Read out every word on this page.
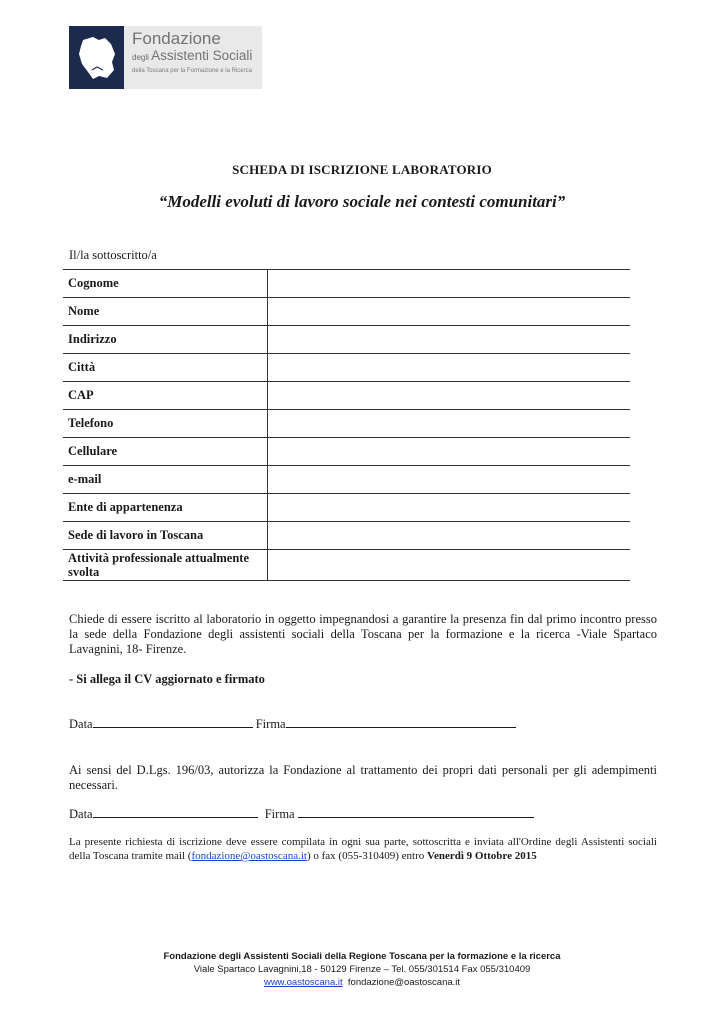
Fondazione
degli Assistenti Sociali
della Toscana per la Formazione e la Ricerca
SCHEDA DI ISCRIZIONE LABORATORIO
“Modelli evoluti di lavoro sociale nei contesti comunitari”
Il/la sottoscritto/a
Cognome	
Nome	
Indirizzo	
Città	
CAP	
Telefono	
Cellulare	
e-mail	
Ente di appartenenza	
Sede di lavoro in Toscana	
Attività professionale attualmente svolta	
Chiede di essere iscritto al laboratorio in oggetto impegnandosi a garantire la presenza fin dal primo incontro presso la sede della Fondazione degli assistenti sociali della Toscana per la formazione e la ricerca -Viale Spartaco Lavagnini, 18- Firenze.
- Si allega il CV aggiornato e firmato
Data	Firma
Ai sensi del D.Lgs. 196/03, autorizza la Fondazione al trattamento dei propri dati personali per gli adempimenti necessari.
Data	Firma
La presente richiesta di iscrizione deve essere compilata in ogni sua parte, sottoscritta e inviata all'Ordine degli Assistenti sociali della Toscana tramite mail (fondazione@oastoscana.it) o fax (055-310409) entro Venerdì 9 Ottobre 2015
Fondazione degli Assistenti Sociali della Regione Toscana per la formazione e la ricerca
Viale Spartaco Lavagnini,18 - 50129 Firenze – Tel. 055/301514 Fax 055/310409
www.oastoscana.it fondazione@oastoscana.it
